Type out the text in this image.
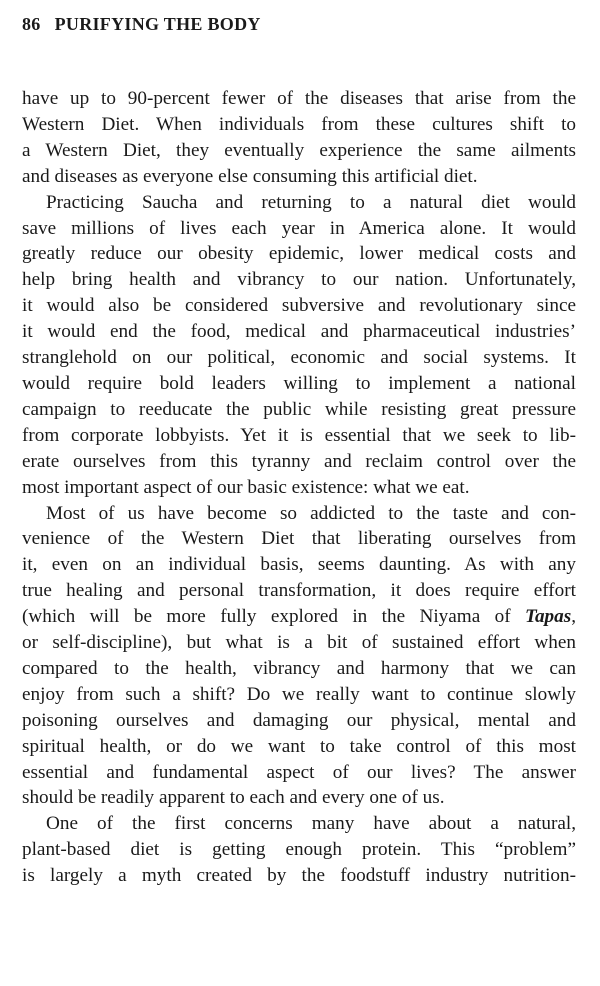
86 PURIFYING THE BODY

have up to 90-percent fewer of the diseases that arise from the
Western Diet. When individuals from these cultures shift to
a Western Diet, they eventually experience the same ailments
and diseases as everyone else consuming this artificial diet.

Practicing Saucha and returning to a natural diet would
save millions of lives each year in America alone. It would
greatly reduce our obesity epidemic, lower medical costs and
help bring health and vibrancy to our nation. Unfortunately,
it would also be considered subversive and revolutionary since
it would end the food, medical and pharmaceutical industries’
stranglehold on our political, economic and social systems. It
would require bold leaders willing to implement a national
campaign to reeducate the public while resisting great pressure
from corporate lobbyists. Yet it is essential that we seek to lib-
erate ourselves from this tyranny and reclaim control over the
most important aspect of our basic existence: what we eat.

Most of us have become so addicted to the taste and con-
venience of the Western Diet that liberating ourselves from
it, even on an individual basis, seems daunting. As with any
true healing and personal transformation, it does require effort
(which will be more fully explored in the Niyama of Tapas,
or self-discipline), but what is a bit of sustained effort when
compared to the health, vibrancy and harmony that we can
enjoy from such a shift? Do we really want to continue slowly
poisoning ourselves and damaging our physical, mental and
spiritual health, or do we want to take control of this most
essential and fundamental aspect of our lives? The answer
should be readily apparent to each and every one of us.

One of the first concerns many have about a natural,
plant-based diet is getting enough protein. This “problem”
is largely a myth created by the foodstuff industry nutrition-
